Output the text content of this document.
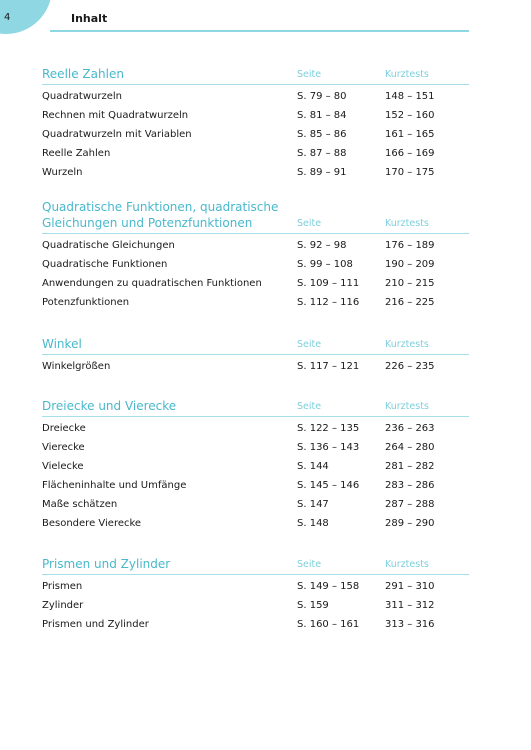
4	Inhalt
Reelle Zahlen	Seite	Kurztests
Quadratwurzeln	S. 79 – 80	148 – 151
Rechnen mit Quadratwurzeln	S. 81 – 84	152 – 160
Quadratwurzeln mit Variablen	S. 85 – 86	161 – 165
Reelle Zahlen	S. 87 – 88	166 – 169
Wurzeln	S. 89 – 91	170 – 175
Quadratische Funktionen, quadratische
Gleichungen und Potenzfunktionen	Seite	Kurztests
Quadratische Gleichungen	S. 92 – 98	176 – 189
Quadratische Funktionen	S. 99 – 108	190 – 209
Anwendungen zu quadratischen Funktionen	S. 109 – 111	210 – 215
Potenzfunktionen	S. 112 – 116	216 – 225
Winkel	Seite	Kurztests
Winkelgrößen	S. 117 – 121	226 – 235
Dreiecke und Vierecke	Seite	Kurztests
Dreiecke	S. 122 – 135	236 – 263
Vierecke	S. 136 – 143	264 – 280
Vielecke	S. 144	281 – 282
Flächeninhalte und Umfänge	S. 145 – 146	283 – 286
Maße schätzen	S. 147	287 – 288
Besondere Vierecke	S. 148	289 – 290
Prismen und Zylinder	Seite	Kurztests
Prismen	S. 149 – 158	291 – 310
Zylinder	S. 159	311 – 312
Prismen und Zylinder	S. 160 – 161	313 – 316
